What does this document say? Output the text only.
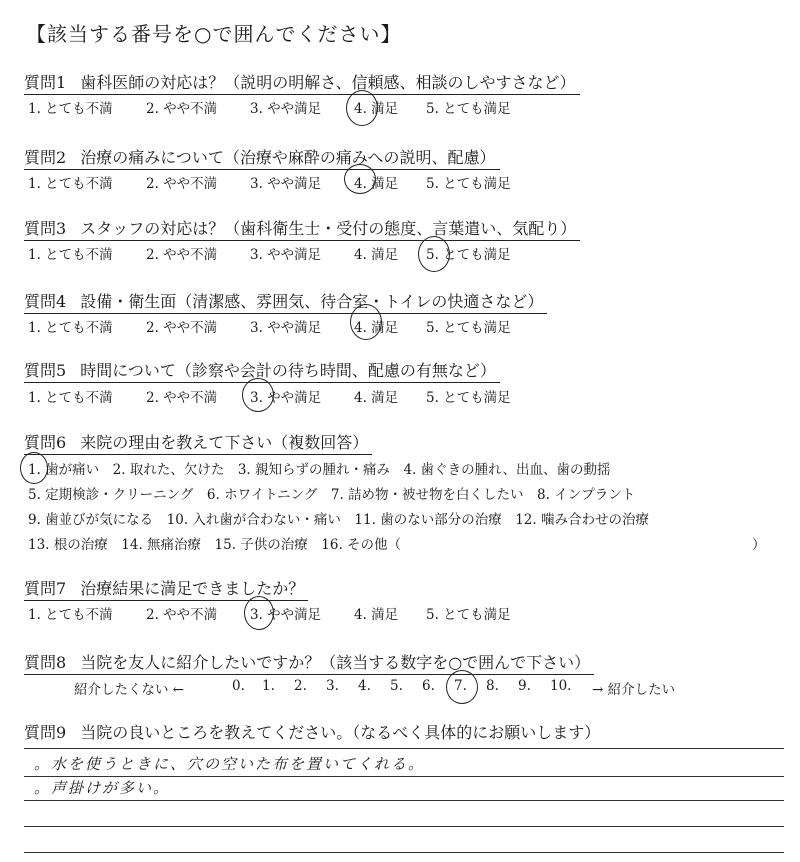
【該当する番号を○で囲んでください】
質問1 歯科医師の対応は？（説明の明解さ、信頼感、相談のしやすさなど）
1. とても不満 2. やや不満 3. やや満足 4. 満足 5. とても満足
質問2 治療の痛みについて（治療や麻酔の痛みへの説明、配慮）
1. とても不満 2. やや不満 3. やや満足 4. 満足 5. とても満足
質問3 スタッフの対応は？（歯科衛生士・受付の態度、言葉遣い、気配り）
1. とても不満 2. やや不満 3. やや満足 4. 満足 5. とても満足
質問4 設備・衛生面（清潔感、雰囲気、待合室・トイレの快適さなど）
1. とても不満 2. やや不満 3. やや満足 4. 満足 5. とても満足
質問5 時間について（診察や会計の待ち時間、配慮の有無など）
1. とても不満 2. やや不満 3. やや満足 4. 満足 5. とても満足
質問6 来院の理由を教えて下さい（複数回答）
1. 歯が痛い　2. 取れた、欠けた　3. 親知らずの腫れ・痛み　4. 歯ぐきの腫れ、出血、歯の動揺
5. 定期検診・クリーニング　6. ホワイトニング　7. 詰め物・被せ物を白くしたい　8. インプラント
9. 歯並びが気になる　10. 入れ歯が合わない・痛い　11. 歯のない部分の治療　12. 噛み合わせの治療
13. 根の治療　14. 無痛治療　15. 子供の治療　16. その他（	）
質問7 治療結果に満足できましたか？
1. とても不満 2. やや不満 3. やや満足 4. 満足 5. とても満足
質問8 当院を友人に紹介したいですか？（該当する数字を○で囲んで下さい）
紹介したくない ←	0. 1. 2. 3. 4. 5. 6. 7. 8. 9. 10. → 紹介したい
質問9 当院の良いところを教えてください。（なるべく具体的にお願いします）
。水を使うときに、穴の空いた布を置いてくれる。
。声掛けが多い。
